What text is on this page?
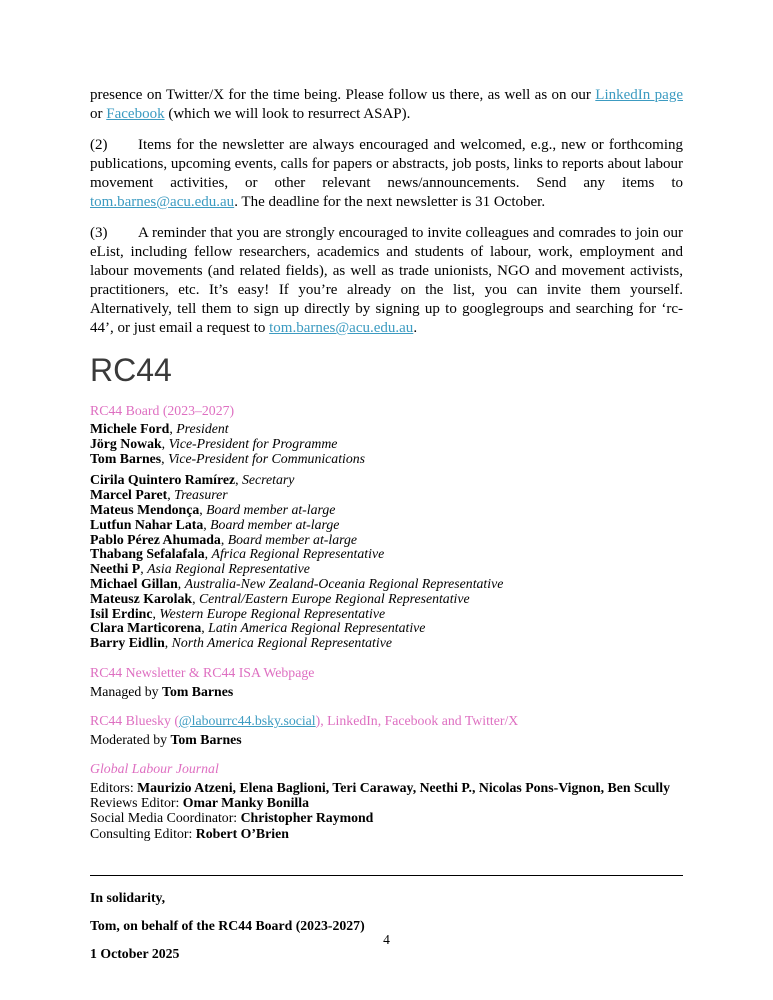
presence on Twitter/X for the time being. Please follow us there, as well as on our LinkedIn page or Facebook (which we will look to resurrect ASAP).

(2) Items for the newsletter are always encouraged and welcomed, e.g., new or forthcoming publications, upcoming events, calls for papers or abstracts, job posts, links to reports about labour movement activities, or other relevant news/announcements. Send any items to tom.barnes@acu.edu.au. The deadline for the next newsletter is 31 October.

(3) A reminder that you are strongly encouraged to invite colleagues and comrades to join our eList, including fellow researchers, academics and students of labour, work, employment and labour movements (and related fields), as well as trade unionists, NGO and movement activists, practitioners, etc. It’s easy! If you’re already on the list, you can invite them yourself. Alternatively, tell them to sign up directly by signing up to googlegroups and searching for ‘rc-44’, or just email a request to tom.barnes@acu.edu.au.

RC44
RC44 Board (2023–2027)
Michele Ford, President
Jörg Nowak, Vice-President for Programme
Tom Barnes, Vice-President for Communications
Cirila Quintero Ramírez, Secretary
Marcel Paret, Treasurer
Mateus Mendonça, Board member at-large
Lutfun Nahar Lata, Board member at-large
Pablo Pérez Ahumada, Board member at-large
Thabang Sefalafala, Africa Regional Representative
Neethi P, Asia Regional Representative
Michael Gillan, Australia-New Zealand-Oceania Regional Representative
Mateusz Karolak, Central/Eastern Europe Regional Representative
Isil Erdinc, Western Europe Regional Representative
Clara Marticorena, Latin America Regional Representative
Barry Eidlin, North America Regional Representative
RC44 Newsletter & RC44 ISA Webpage
Managed by Tom Barnes
RC44 Bluesky (@labourrc44.bsky.social), LinkedIn, Facebook and Twitter/X
Moderated by Tom Barnes
Global Labour Journal
Editors: Maurizio Atzeni, Elena Baglioni, Teri Caraway, Neethi P., Nicolas Pons-Vignon, Ben Scully
Reviews Editor: Omar Manky Bonilla
Social Media Coordinator: Christopher Raymond
Consulting Editor: Robert O’Brien

In solidarity,

Tom, on behalf of the RC44 Board (2023-2027)

1 October 2025

4
